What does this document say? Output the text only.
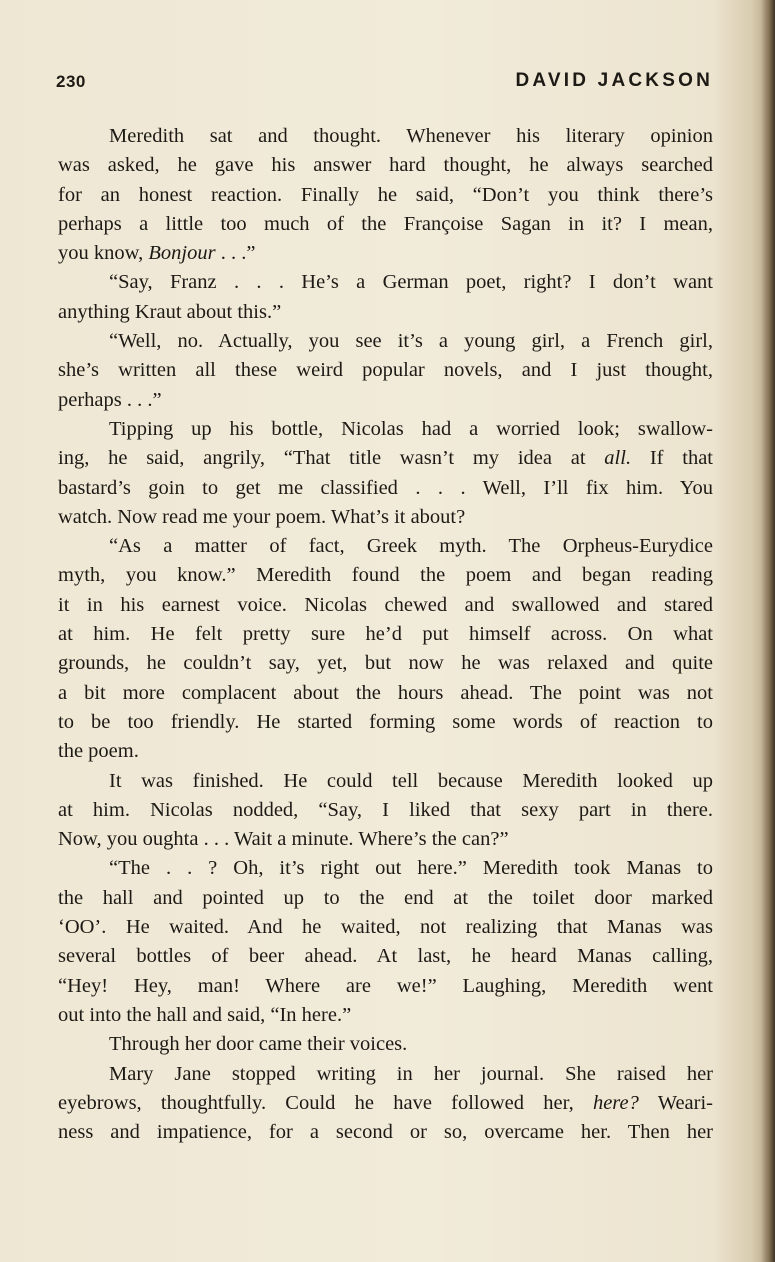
230	DAVID JACKSON
Meredith sat and thought. Whenever his literary opinion
was asked, he gave his answer hard thought, he always searched
for an honest reaction. Finally he said, “Don’t you think there’s
perhaps a little too much of the Françoise Sagan in it? I mean,
you know, Bonjour . . .”
“Say, Franz . . . He’s a German poet, right? I don’t want
anything Kraut about this.”
“Well, no. Actually, you see it’s a young girl, a French girl,
she’s written all these weird popular novels, and I just thought,
perhaps . . .”
Tipping up his bottle, Nicolas had a worried look; swallow-
ing, he said, angrily, “That title wasn’t my idea at all. If that
bastard’s goin to get me classified . . . Well, I’ll fix him. You
watch. Now read me your poem. What’s it about?
“As a matter of fact, Greek myth. The Orpheus-Eurydice
myth, you know.” Meredith found the poem and began reading
it in his earnest voice. Nicolas chewed and swallowed and stared
at him. He felt pretty sure he’d put himself across. On what
grounds, he couldn’t say, yet, but now he was relaxed and quite
a bit more complacent about the hours ahead. The point was not
to be too friendly. He started forming some words of reaction to
the poem.
It was finished. He could tell because Meredith looked up
at him. Nicolas nodded, “Say, I liked that sexy part in there.
Now, you oughta . . . Wait a minute. Where’s the can?”
“The . . ? Oh, it’s right out here.” Meredith took Manas to
the hall and pointed up to the end at the toilet door marked
‘OO’. He waited. And he waited, not realizing that Manas was
several bottles of beer ahead. At last, he heard Manas calling,
“Hey! Hey, man! Where are we!” Laughing, Meredith went
out into the hall and said, “In here.”
Through her door came their voices.
Mary Jane stopped writing in her journal. She raised her
eyebrows, thoughtfully. Could he have followed her, here? Weari-
ness and impatience, for a second or so, overcame her. Then her
